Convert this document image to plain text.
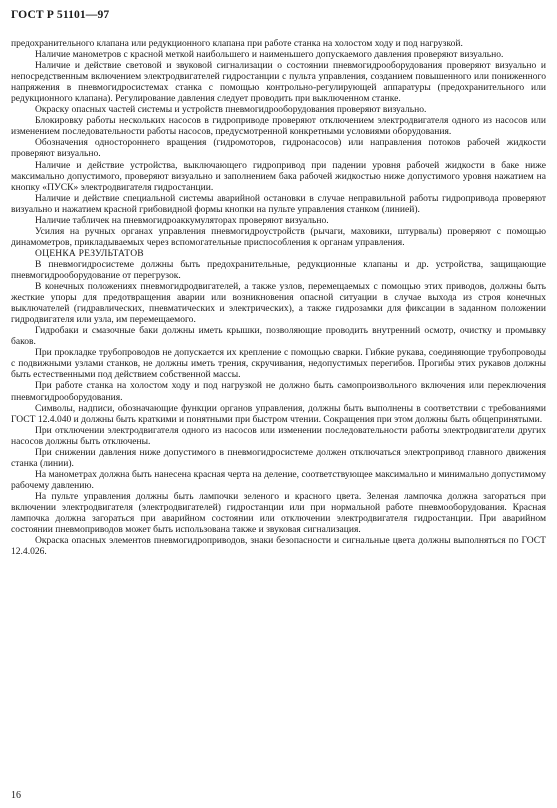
ГОСТ Р 51101—97

предохранительного клапана или редукционного клапана при работе станка на холостом ходу и под нагрузкой.

Наличие манометров с красной меткой наибольшего и наименьшего допускаемого давления проверяют визуально.

Наличие и действие световой и звуковой сигнализации о состоянии пневмогидрооборудования проверяют визуально и непосредственным включением электродвигателей гидростанции с пульта управления, созданием повышенного или пониженного напряжения в пневмогидросистемах станка с помощью контрольно-регулирующей аппаратуры (предохранительного или редукционного клапана). Регулирование давления следует проводить при выключенном станке.

Окраску опасных частей системы и устройств пневмогидрооборудования проверяют визуально.

Блокировку работы нескольких насосов в гидроприводе проверяют отключением электродвигателя одного из насосов или изменением последовательности работы насосов, предусмотренной конкретными условиями оборудования.

Обозначения одностороннего вращения (гидромоторов, гидронасосов) или направления потоков рабочей жидкости проверяют визуально.

Наличие и действие устройства, выключающего гидропривод при падении уровня рабочей жидкости в баке ниже максимально допустимого, проверяют визуально и заполнением бака рабочей жидкостью ниже допустимого уровня нажатием на кнопку «ПУСК» электродвигателя гидростанции.

Наличие и действие специальной системы аварийной остановки в случае неправильной работы гидропривода проверяют визуально и нажатием красной грибовидной формы кнопки на пульте управления станком (линией).

Наличие табличек на пневмогидроаккумуляторах проверяют визуально.

Усилия на ручных органах управления пневмогидроустройств (рычаги, маховики, штурвалы) проверяют с помощью динамометров, прикладываемых через вспомогательные приспособления к органам управления.

ОЦЕНКА РЕЗУЛЬТАТОВ

В пневмогидросистеме должны быть предохранительные, редукционные клапаны и др. устройства, защищающие пневмогидрооборудование от перегрузок.

В конечных положениях пневмогидродвигателей, а также узлов, перемещаемых с помощью этих приводов, должны быть жесткие упоры для предотвращения аварии или возникновения опасной ситуации в случае выхода из строя конечных выключателей (гидравлических, пневматических и электрических), а также гидрозамки для фиксации в заданном положении гидродвигателя или узла, им перемещаемого.

Гидробаки и смазочные баки должны иметь крышки, позволяющие проводить внутренний осмотр, очистку и промывку баков.

При прокладке трубопроводов не допускается их крепление с помощью сварки. Гибкие рукава, соединяющие трубопроводы с подвижными узлами станков, не должны иметь трения, скручивания, недопустимых перегибов. Прогибы этих рукавов должны быть естественными под действием собственной массы.

При работе станка на холостом ходу и под нагрузкой не должно быть самопроизвольного включения или переключения пневмогидрооборудования.

Символы, надписи, обозначающие функции органов управления, должны быть выполнены в соответствии с требованиями ГОСТ 12.4.040 и должны быть краткими и понятными при быстром чтении. Сокращения при этом должны быть общепринятыми.

При отключении электродвигателя одного из насосов или изменении последовательности работы электродвигатели других насосов должны быть отключены.

При снижении давления ниже допустимого в пневмогидросистеме должен отключаться электропривод главного движения станка (линии).

На манометрах должна быть нанесена красная черта на деление, соответствующее максимально и минимально допустимому рабочему давлению.

На пульте управления должны быть лампочки зеленого и красного цвета. Зеленая лампочка должна загораться при включении электродвигателя (электродвигателей) гидростанции или при нормальной работе пневмооборудования. Красная лампочка должна загораться при аварийном состоянии или отключении электродвигателя гидростанции. При аварийном состоянии пневмоприводов может быть использована также и звуковая сигнализация.

Окраска опасных элементов пневмогидроприводов, знаки безопасности и сигнальные цвета должны выполняться по ГОСТ 12.4.026.

16
